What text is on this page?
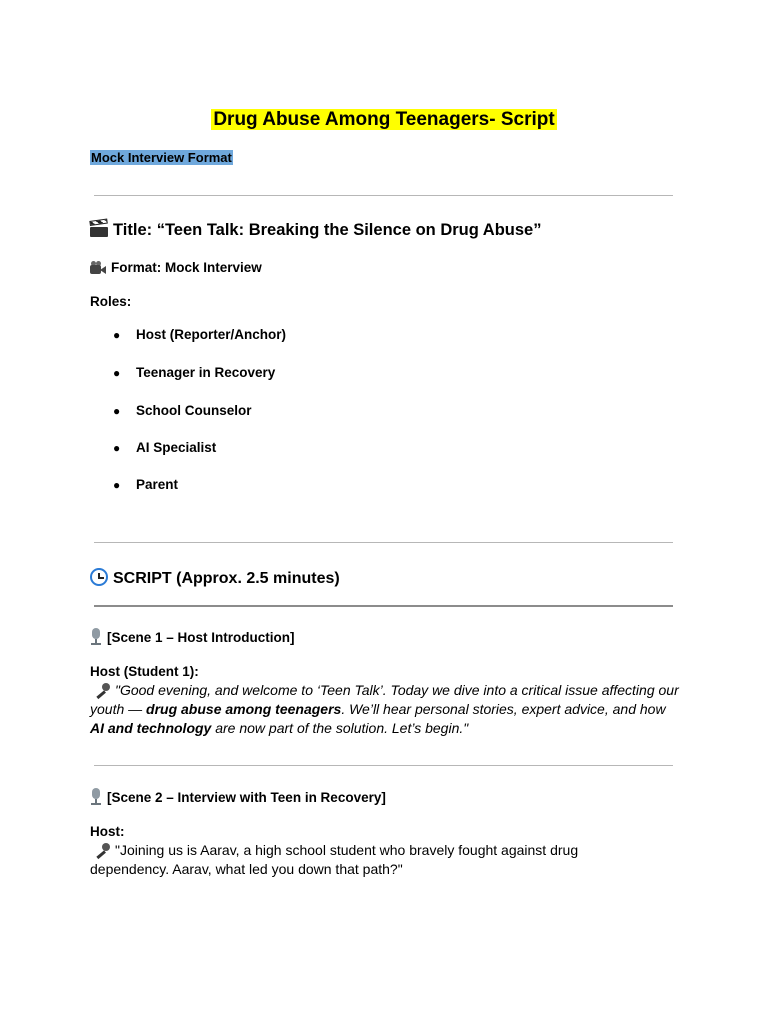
Drug Abuse Among Teenagers- Script
Mock Interview Format
Title: “Teen Talk: Breaking the Silence on Drug Abuse”
Format: Mock Interview
Roles:
● Host (Reporter/Anchor)
● Teenager in Recovery
● School Counselor
● AI Specialist
● Parent
SCRIPT (Approx. 2.5 minutes)
[Scene 1 – Host Introduction]
Host (Student 1):
"Good evening, and welcome to ‘Teen Talk’. Today we dive into a critical issue affecting our youth — drug abuse among teenagers. We’ll hear personal stories, expert advice, and how AI and technology are now part of the solution. Let’s begin."
[Scene 2 – Interview with Teen in Recovery]
Host:
"Joining us is Aarav, a high school student who bravely fought against drug dependency. Aarav, what led you down that path?"
